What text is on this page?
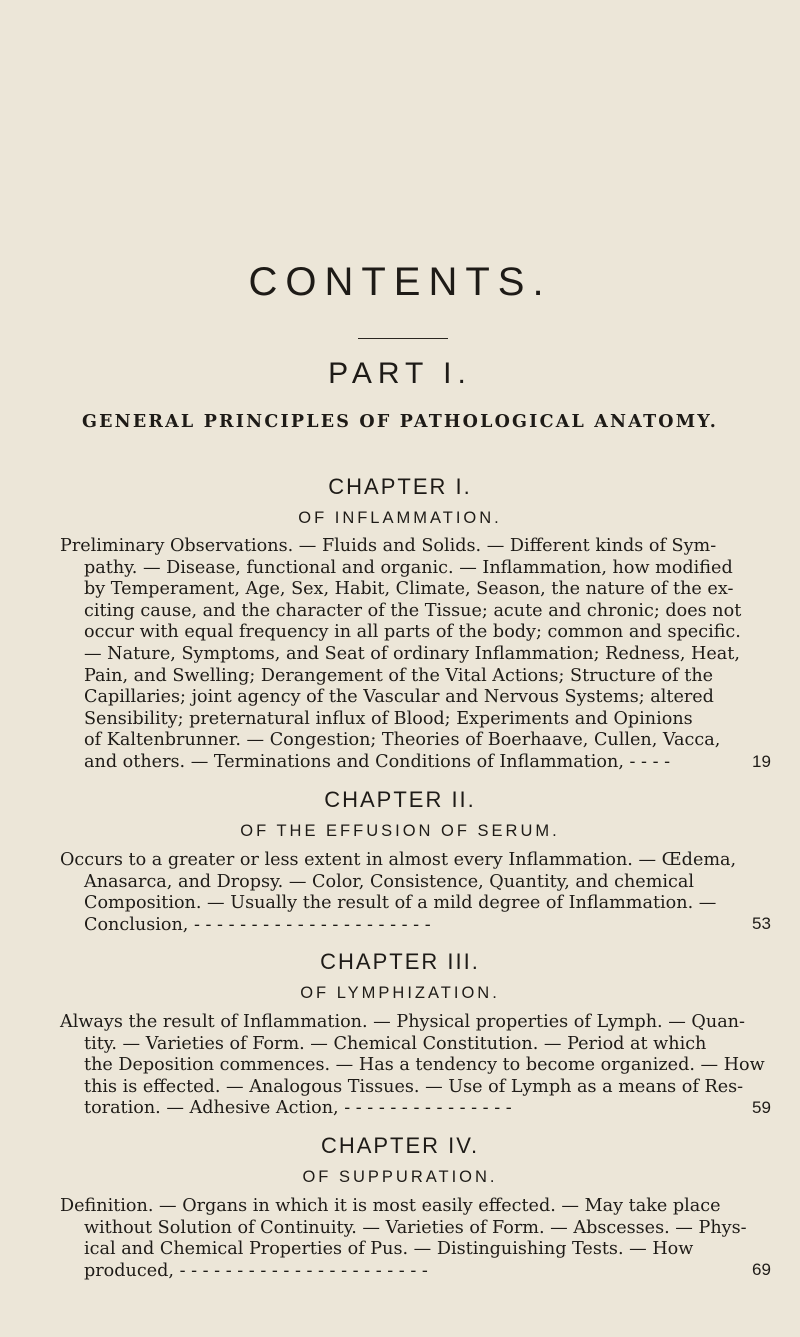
CONTENTS.
PART I.
GENERAL PRINCIPLES OF PATHOLOGICAL ANATOMY.
CHAPTER I.
OF INFLAMMATION.
Preliminary Observations. — Fluids and Solids. — Different kinds of Sym-
pathy. — Disease, functional and organic. — Inflammation, how modified
by Temperament, Age, Sex, Habit, Climate, Season, the nature of the ex-
citing cause, and the character of the Tissue; acute and chronic; does not
occur with equal frequency in all parts of the body; common and specific.
— Nature, Symptoms, and Seat of ordinary Inflammation; Redness, Heat,
Pain, and Swelling; Derangement of the Vital Actions; Structure of the
Capillaries; joint agency of the Vascular and Nervous Systems; altered
Sensibility; preternatural influx of Blood; Experiments and Opinions
of Kaltenbrunner. — Congestion; Theories of Boerhaave, Cullen, Vacca,
and others. — Terminations and Conditions of Inflammation, - - - -	19
CHAPTER II.
OF THE EFFUSION OF SERUM.
Occurs to a greater or less extent in almost every Inflammation. — Œdema,
Anasarca, and Dropsy. — Color, Consistence, Quantity, and chemical
Composition. — Usually the result of a mild degree of Inflammation. —
Conclusion, - - - - - - - - - - - - - - - - - - - - -	53
CHAPTER III.
OF LYMPHIZATION.
Always the result of Inflammation. — Physical properties of Lymph. — Quan-
tity. — Varieties of Form. — Chemical Constitution. — Period at which
the Deposition commences. — Has a tendency to become organized. — How
this is effected. — Analogous Tissues. — Use of Lymph as a means of Res-
toration. — Adhesive Action, - - - - - - - - - - - - - - -	59
CHAPTER IV.
OF SUPPURATION.
Definition. — Organs in which it is most easily effected. — May take place
without Solution of Continuity. — Varieties of Form. — Abscesses. — Phys-
ical and Chemical Properties of Pus. — Distinguishing Tests. — How
produced, - - - - - - - - - - - - - - - - - - - - - -	69
